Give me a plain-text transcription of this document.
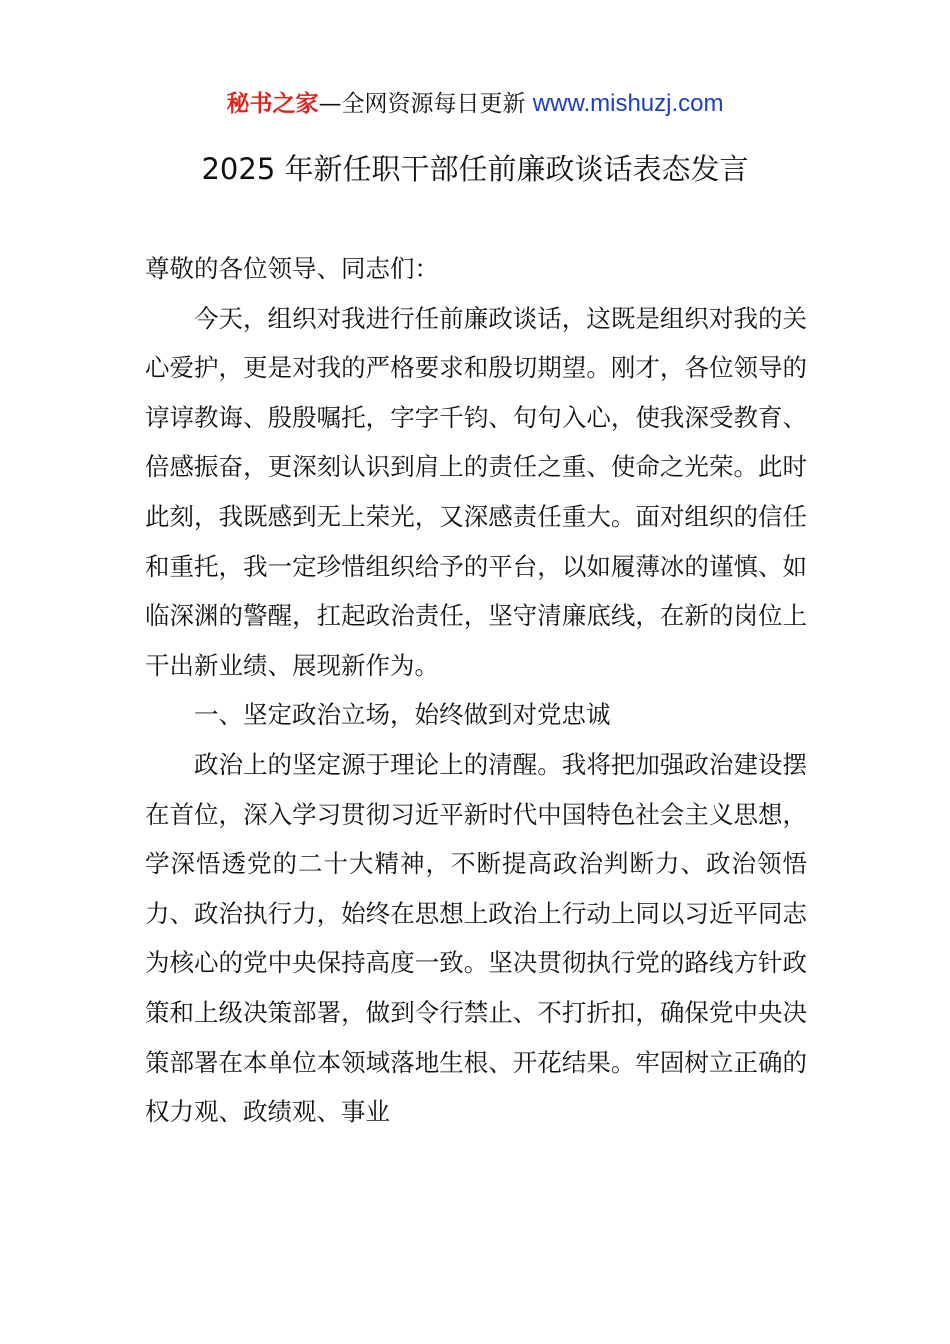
秘书之家—全网资源每日更新 www.mishuzj.com
2025 年新任职干部任前廉政谈话表态发言

尊敬的各位领导、同志们：

今天，组织对我进行任前廉政谈话，这既是组织对我的关心爱护，更是对我的严格要求和殷切期望。刚才，各位领导的谆谆教诲、殷殷嘱托，字字千钧、句句入心，使我深受教育、倍感振奋，更深刻认识到肩上的责任之重、使命之光荣。此时此刻，我既感到无上荣光，又深感责任重大。面对组织的信任和重托，我一定珍惜组织给予的平台，以如履薄冰的谨慎、如临深渊的警醒，扛起政治责任，坚守清廉底线，在新的岗位上干出新业绩、展现新作为。

一、坚定政治立场，始终做到对党忠诚

政治上的坚定源于理论上的清醒。我将把加强政治建设摆在首位，深入学习贯彻习近平新时代中国特色社会主义思想，学深悟透党的二十大精神，不断提高政治判断力、政治领悟力、政治执行力，始终在思想上政治上行动上同以习近平同志为核心的党中央保持高度一致。坚决贯彻执行党的路线方针政策和上级决策部署，做到令行禁止、不打折扣，确保党中央决策部署在本单位本领域落地生根、开花结果。牢固树立正确的权力观、政绩观、事业
